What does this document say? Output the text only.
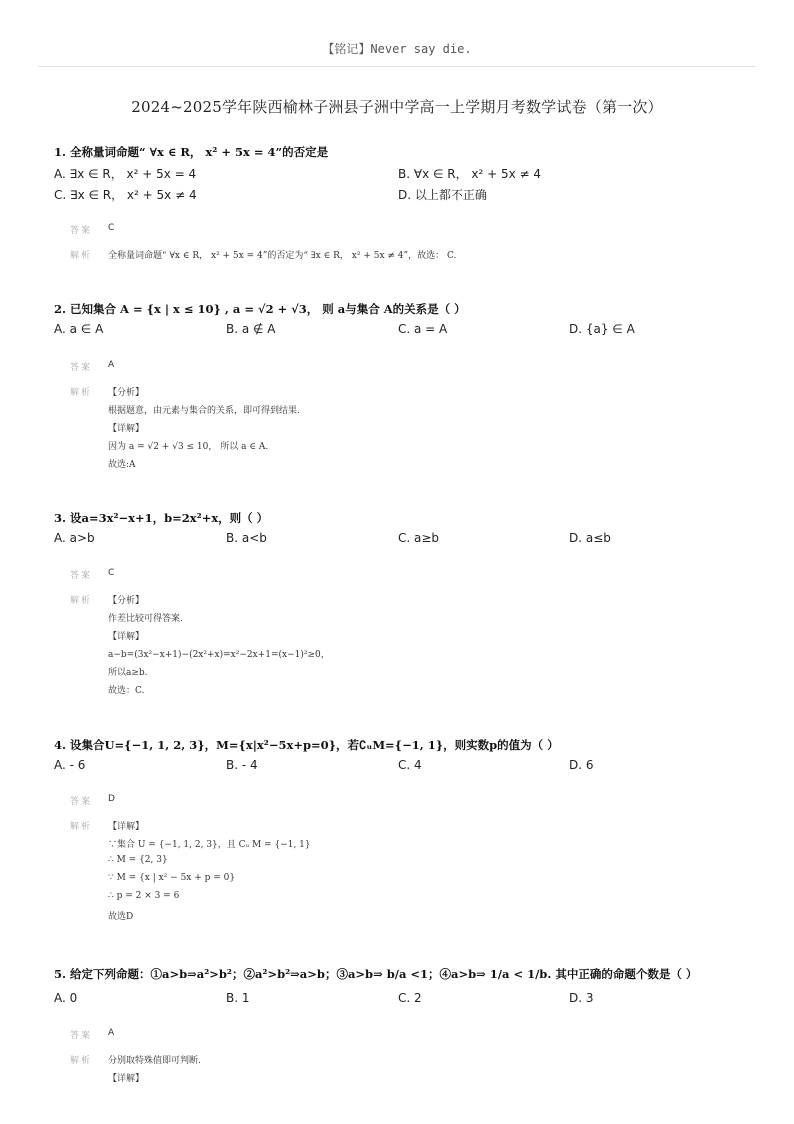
【铭记】Never say die.
2024~2025学年陕西榆林子洲县子洲中学高一上学期月考数学试卷（第一次）
1. 全称量词命题“ ∀x ∈ R， x² + 5x = 4”的否定是
A. ∃x ∈ R， x² + 5x = 4	B. ∀x ∈ R， x² + 5x ≠ 4
C. ∃x ∈ R， x² + 5x ≠ 4	D. 以上都不正确
答案 C
解析 全称量词命题“ ∀x ∈ R， x² + 5x = 4”的否定为“ ∃x ∈ R， x² + 5x ≠ 4”，故选： C.
2. 已知集合 A = {x | x ≤ 10} , a = √2 + √3， 则 a与集合 A的关系是（ ）
A. a ∈ A	B. a ∉ A	C. a = A	D. {a} ∈ A
答案 A
解析 【分析】
根据题意，由元素与集合的关系，即可得到结果.
【详解】
因为 a = √2 + √3 ≤ 10， 所以 a ∈ A.
故选:A
3. 设a=3x²−x+1，b=2x²+x，则（ ）
A. a>b	B. a<b	C. a≥b	D. a≤b
答案 C
解析 【分析】
作差比较可得答案.
【详解】
a−b=(3x²−x+1)−(2x²+x)=x²−2x+1=(x−1)²≥0，
所以a≥b.
故选：C.
4. 设集合U={−1, 1, 2, 3}，M={x|x²−5x+p=0}，若∁ᵤM={−1, 1}，则实数p的值为（ ）
A. - 6	B. - 4	C. 4	D. 6
答案 D
解析 【详解】
∵集合 U = {−1, 1, 2, 3}，且 Cᵤ M = {−1, 1}
∴ M = {2, 3}
∵ M = {x | x² − 5x + p = 0}
∴ p = 2 × 3 = 6
故选D
5. 给定下列命题：①a>b⇒a²>b²；②a²>b²⇒a>b；③a>b⇒ b/a <1；④a>b⇒ 1/a < 1/b. 其中正确的命题个数是（ ）
A. 0	B. 1	C. 2	D. 3
答案 A
解析 分别取特殊值即可判断.
【详解】
